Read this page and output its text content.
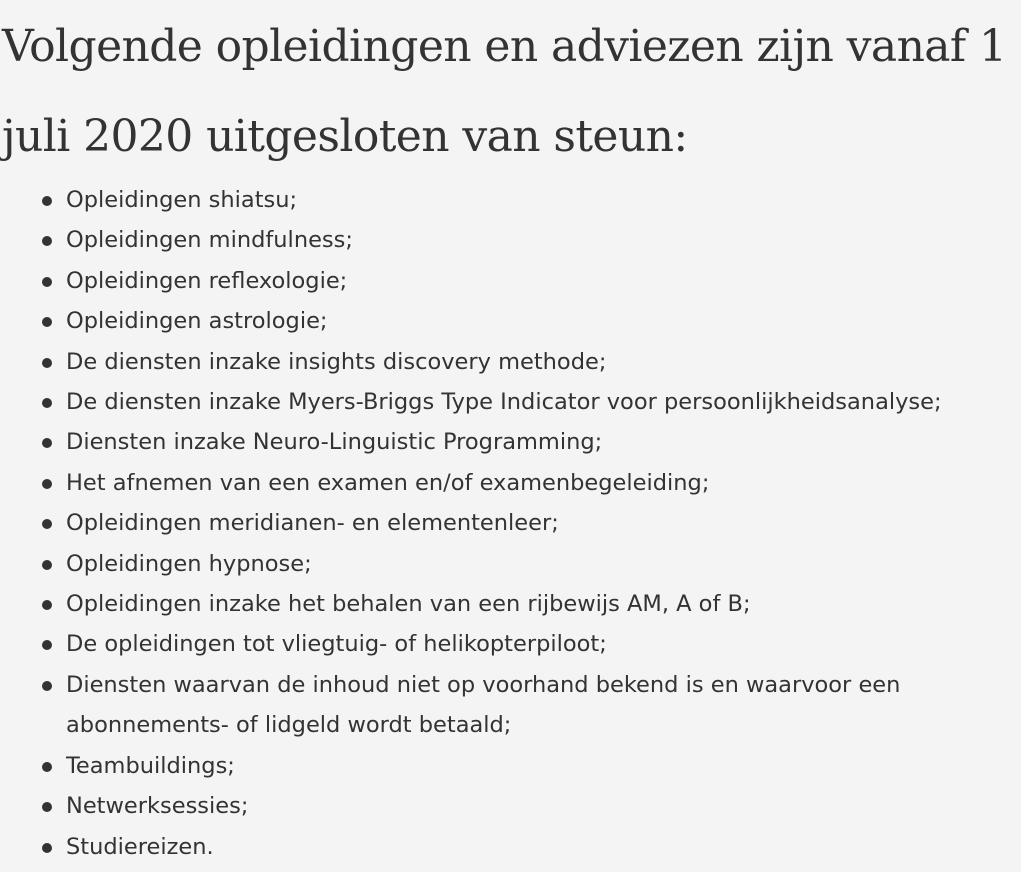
Volgende opleidingen en adviezen zijn vanaf 1 juli 2020 uitgesloten van steun:
Opleidingen shiatsu;
Opleidingen mindfulness;
Opleidingen reflexologie;
Opleidingen astrologie;
De diensten inzake insights discovery methode;
De diensten inzake Myers-Briggs Type Indicator voor persoonlijkheidsanalyse;
Diensten inzake Neuro-Linguistic Programming;
Het afnemen van een examen en/of examenbegeleiding;
Opleidingen meridianen- en elementenleer;
Opleidingen hypnose;
Opleidingen inzake het behalen van een rijbewijs AM, A of B;
De opleidingen tot vliegtuig- of helikopterpiloot;
Diensten waarvan de inhoud niet op voorhand bekend is en waarvoor een abonnements- of lidgeld wordt betaald;
Teambuildings;
Netwerksessies;
Studiereizen.
